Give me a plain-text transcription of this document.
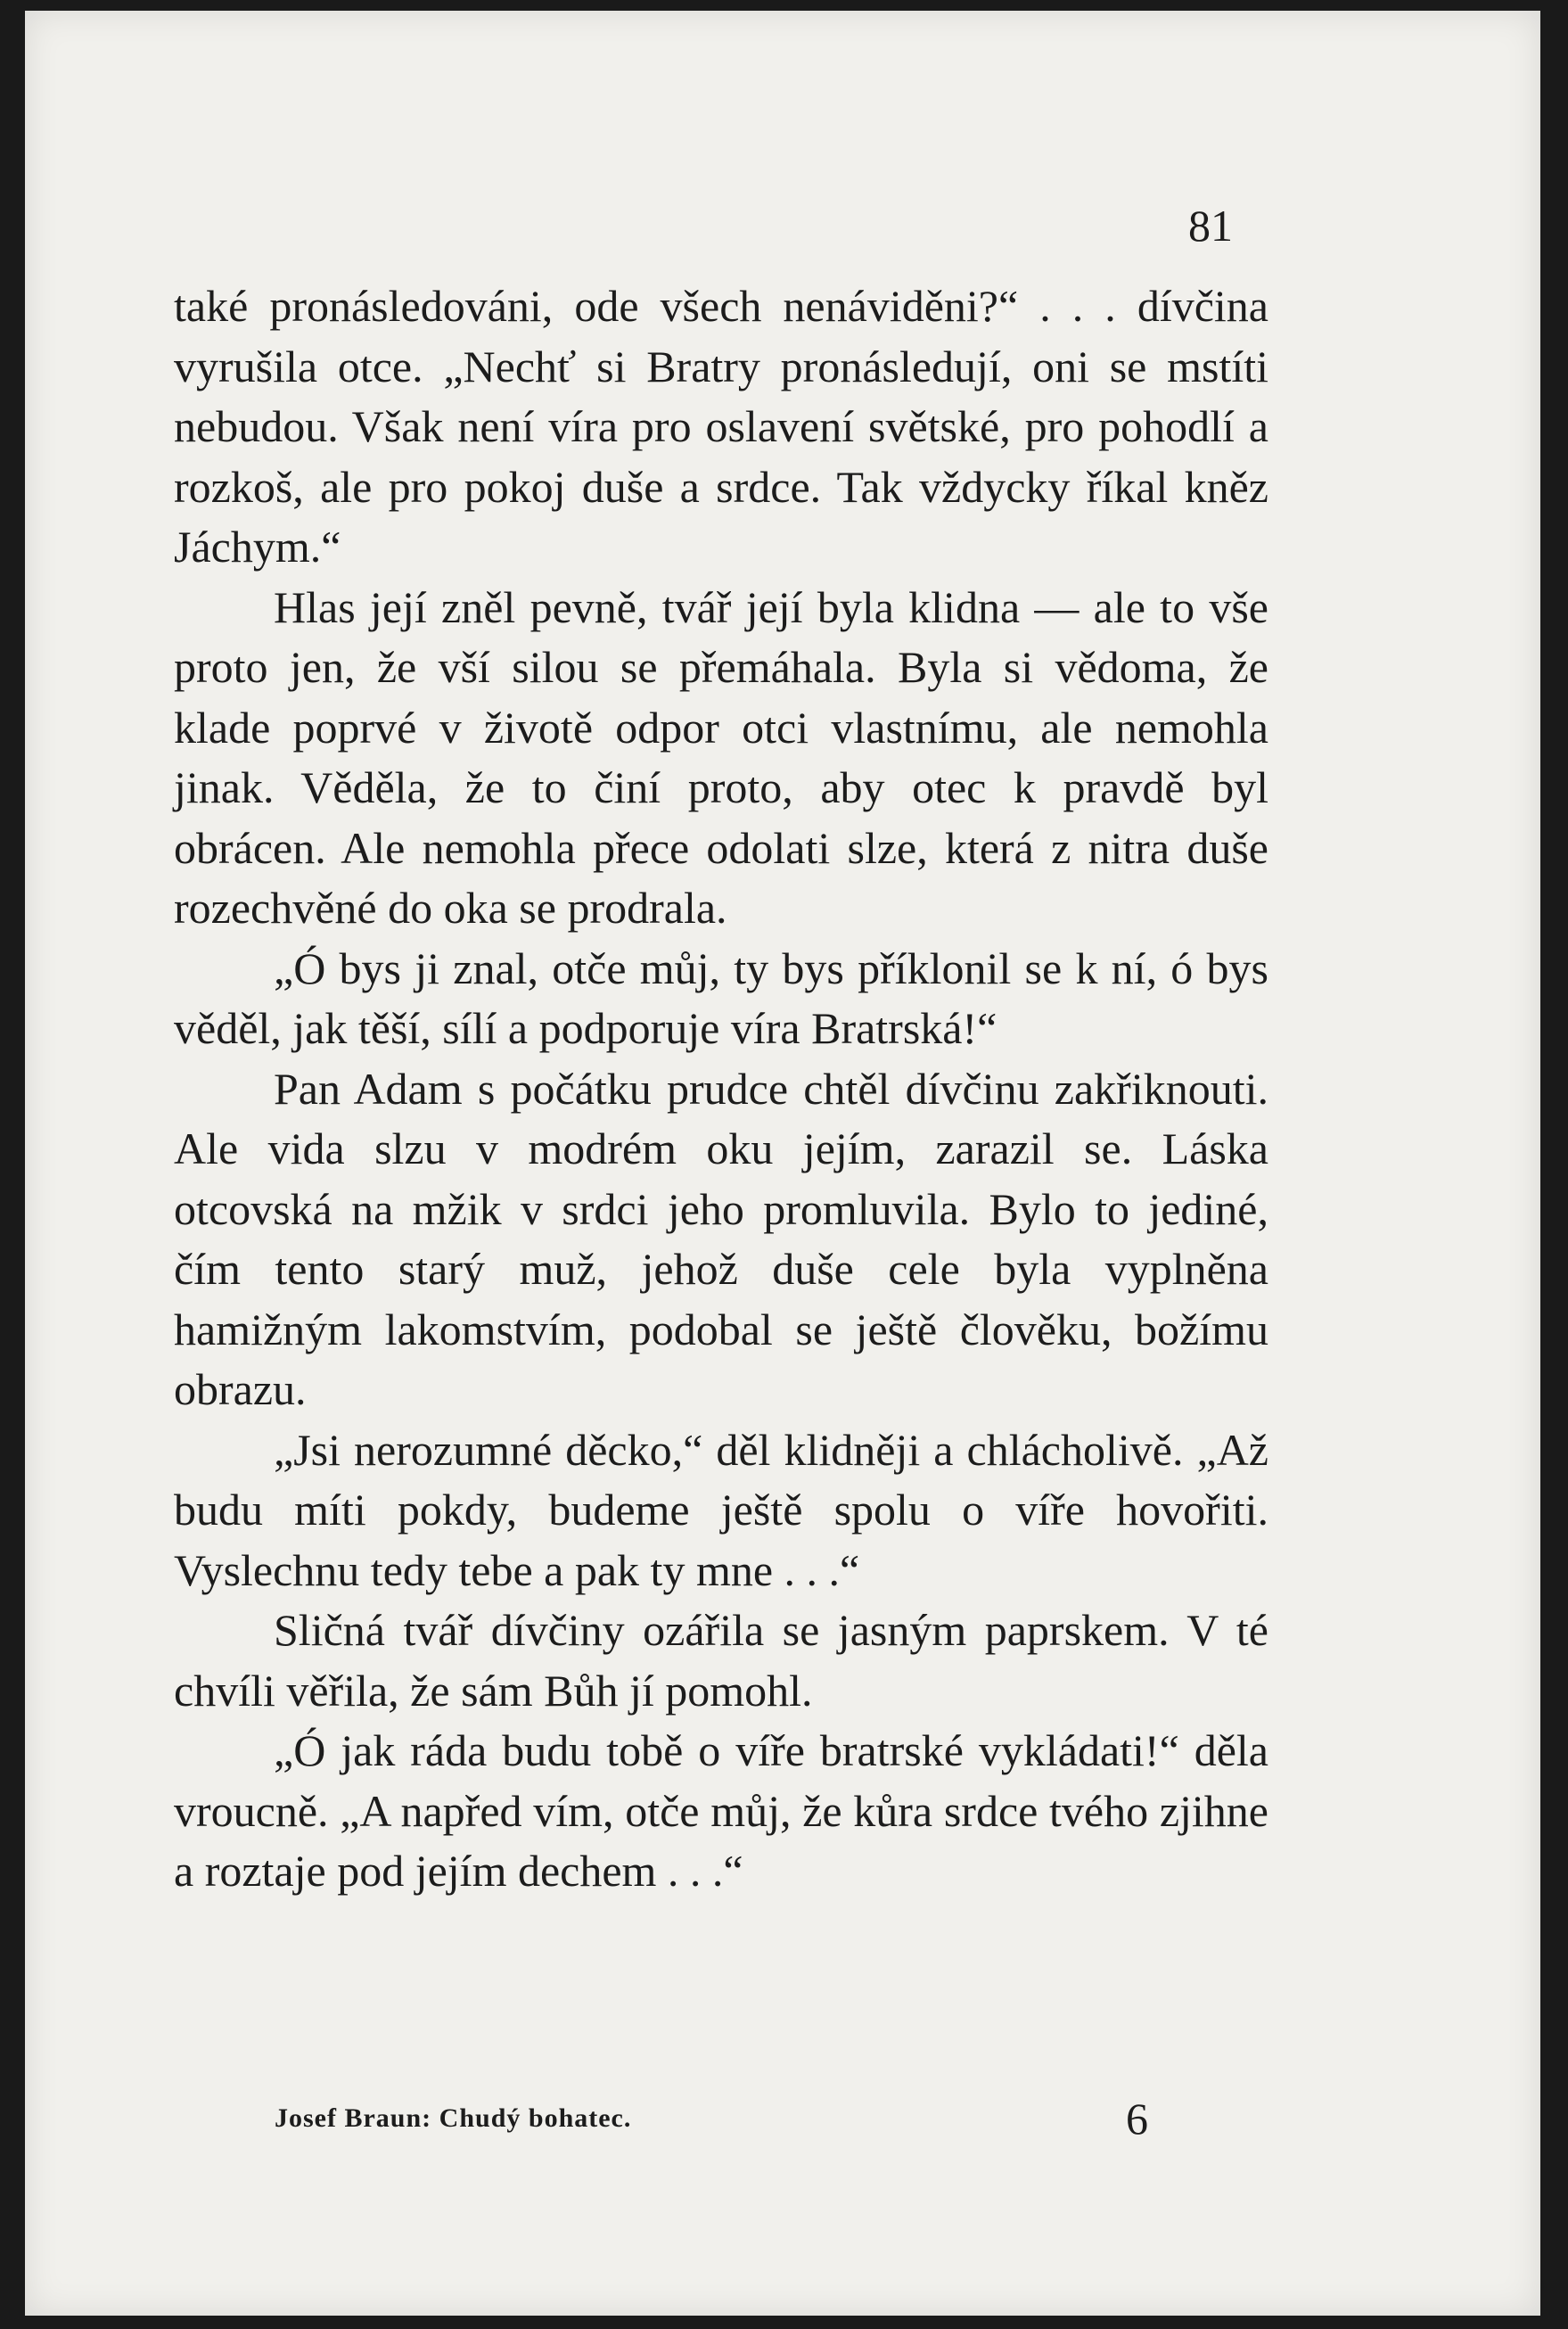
81

také pronásledováni, ode všech nenáviděni?“ . . . dívčina vyrušila otce. „Nechť si Bratry pronásledují, oni se mstíti nebudou. Však není víra pro oslavení světské, pro pohodlí a rozkoš, ale pro pokoj duše a srdce. Tak vždycky říkal kněz Jáchym.“

Hlas její zněl pevně, tvář její byla klidna — ale to vše proto jen, že vší silou se přemáhala. Byla si vědoma, že klade poprvé v životě odpor otci vlastnímu, ale nemohla jinak. Věděla, že to činí proto, aby otec k pravdě byl obrácen. Ale nemohla přece odolati slze, která z nitra duše rozechvěné do oka se prodrala.

„Ó bys ji znal, otče můj, ty bys příklonil se k ní, ó bys věděl, jak těší, sílí a podporuje víra Bratrská!“

Pan Adam s počátku prudce chtěl dívčinu zakřiknouti. Ale vida slzu v modrém oku jejím, zarazil se. Láska otcovská na mžik v srdci jeho promluvila. Bylo to jediné, čím tento starý muž, jehož duše cele byla vyplněna hamižným lakomstvím, podobal se ještě člověku, božímu obrazu.

„Jsi nerozumné děcko,“ děl klidněji a chlácholivě. „Až budu míti pokdy, budeme ještě spolu o víře hovořiti. Vyslechnu tedy tebe a pak ty mne . . .“

Sličná tvář dívčiny ozářila se jasným paprskem. V té chvíli věřila, že sám Bůh jí pomohl.

„Ó jak ráda budu tobě o víře bratrské vykládati!“ děla vroucně. „A napřed vím, otče můj, že kůra srdce tvého zjihne a roztaje pod jejím dechem . . .“

Josef Braun: Chudý bohatec.	6
